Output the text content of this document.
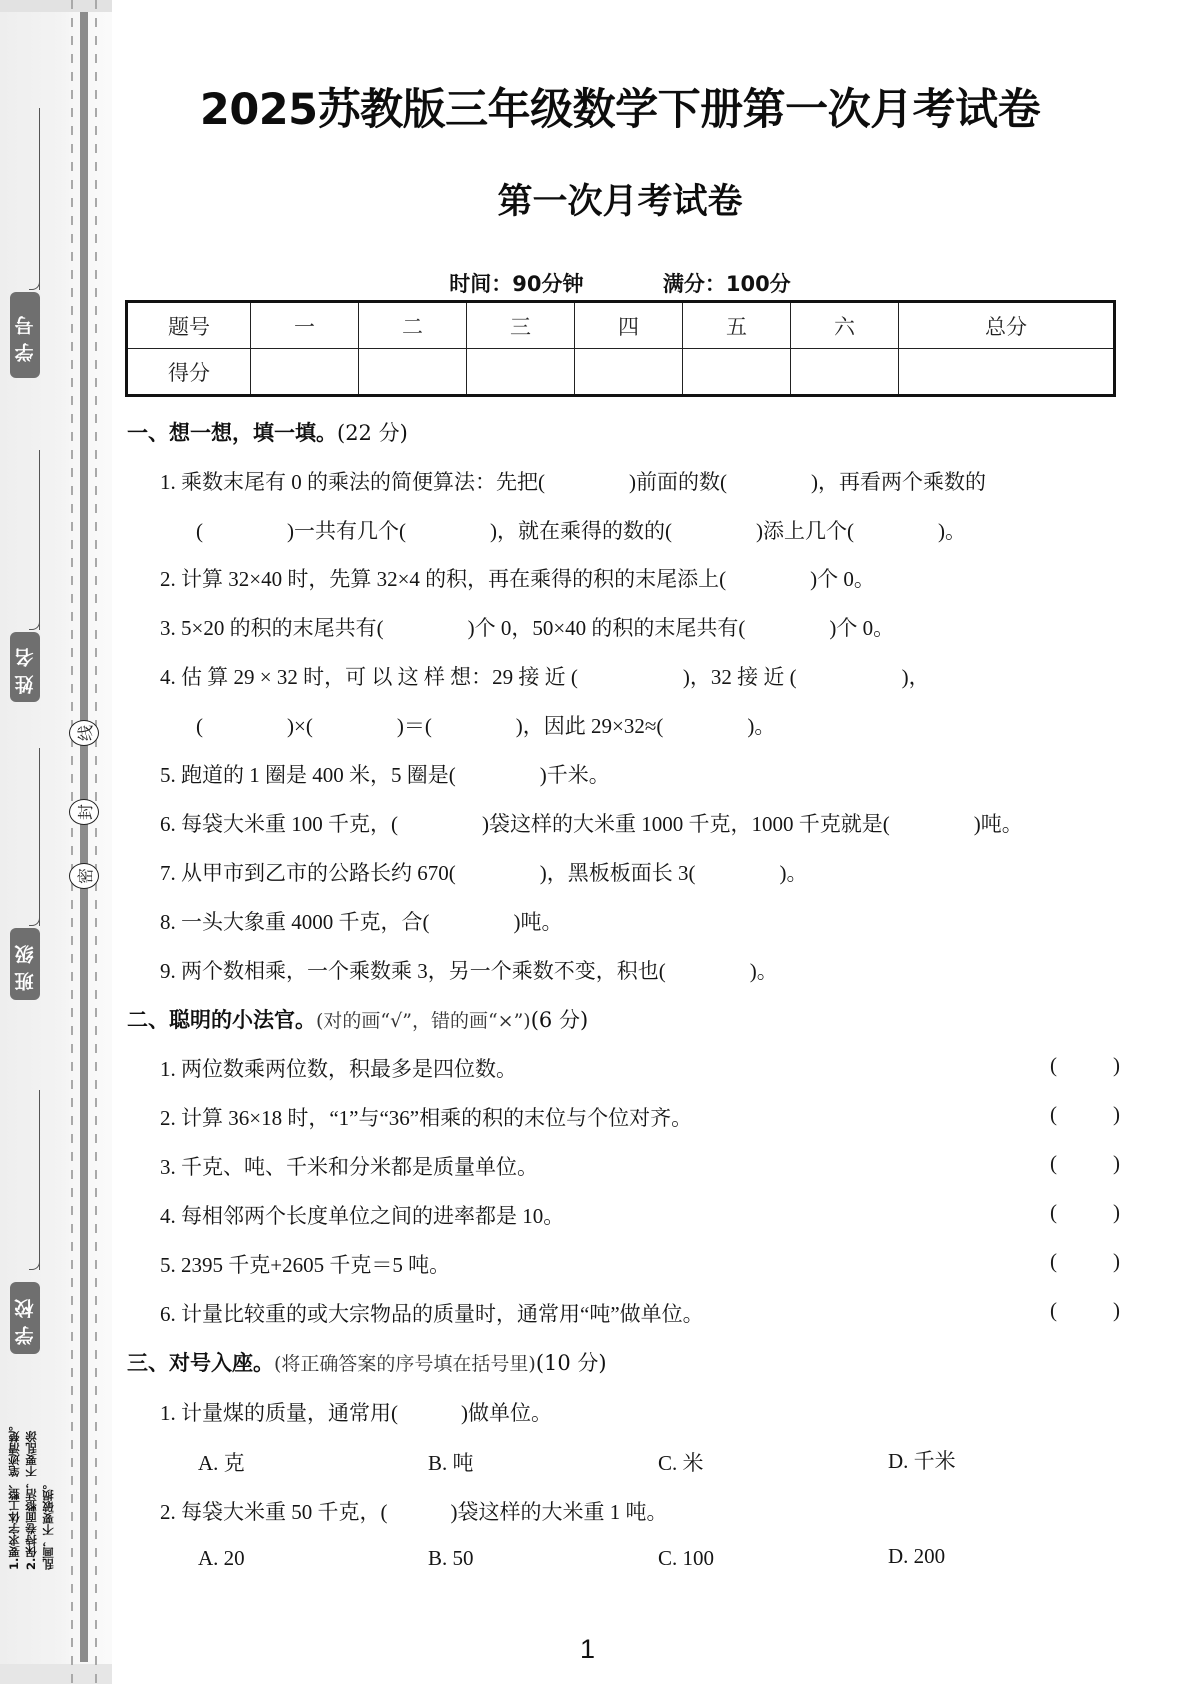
学号
姓名
班级
学校
线
封
密
1.要求字体工整、笔迹清楚。 2.保持卷面整洁，不要乱涂 乱画，不要破损。
2025苏教版三年级数学下册第一次月考试卷
第一次月考试卷
时间：90分钟	满分：100分
题号	一	二	三	四	五	六	总分
得分							
一、想一想，填一填。(22 分)
1. 乘数末尾有 0 的乘法的简便算法：先把(　　　　)前面的数(　　　　)，再看两个乘数的
(　　　　)一共有几个(　　　　)，就在乘得的数的(　　　　)添上几个(　　　　)。
2. 计算 32×40 时，先算 32×4 的积，再在乘得的积的末尾添上(　　　　)个 0。
3. 5×20 的积的末尾共有(　　　　)个 0，50×40 的积的末尾共有(　　　　)个 0。
4. 估 算 29 × 32 时，可 以 这 样 想：29 接 近 (　　　　　)，32 接 近 (　　　　　)，
(　　　　)×(　　　　)＝(　　　　)，因此 29×32≈(　　　　)。
5. 跑道的 1 圈是 400 米，5 圈是(　　　　)千米。
6. 每袋大米重 100 千克，(　　　　)袋这样的大米重 1000 千克，1000 千克就是(　　　　)吨。
7. 从甲市到乙市的公路长约 670(　　　　)，黑板板面长 3(　　　　)。
8. 一头大象重 4000 千克，合(　　　　)吨。
9. 两个数相乘，一个乘数乘 3，另一个乘数不变，积也(　　　　)。
二、聪明的小法官。(对的画“√”，错的画“×”)(6 分)
1. 两位数乘两位数，积最多是四位数。	(	)
2. 计算 36×18 时，“1”与“36”相乘的积的末位与个位对齐。	(	)
3. 千克、吨、千米和分米都是质量单位。	(	)
4. 每相邻两个长度单位之间的进率都是 10。	(	)
5. 2395 千克+2605 千克＝5 吨。	(	)
6. 计量比较重的或大宗物品的质量时，通常用“吨”做单位。	(	)
三、对号入座。(将正确答案的序号填在括号里)(10 分)
1. 计量煤的质量，通常用(　　　)做单位。
A. 克	B. 吨	C. 米	D. 千米
2. 每袋大米重 50 千克，(　　　)袋这样的大米重 1 吨。
A. 20	B. 50	C. 100	D. 200
1
